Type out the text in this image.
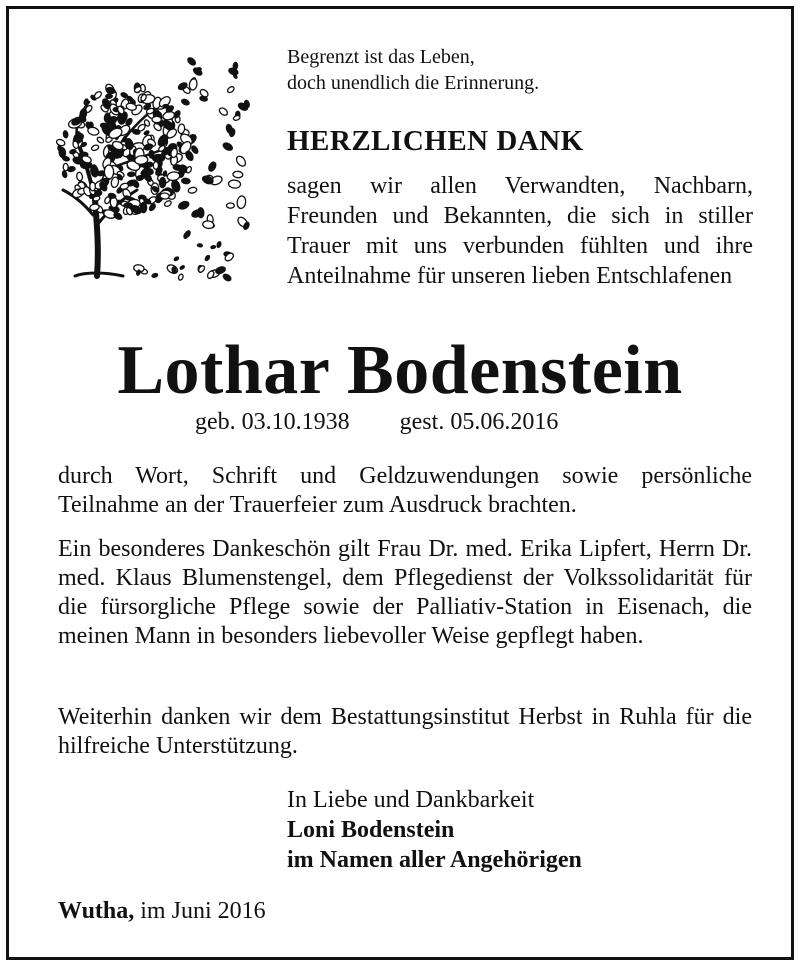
Begrenzt ist das Leben,
doch unendlich die Erinnerung.
HERZLICHEN DANK
sagen wir allen Verwandten, Nachbarn, Freunden und Bekannten, die sich in stiller Trauer mit uns verbunden fühlten und ihre Anteilnahme für unseren lieben Entschlafenen
Lothar Bodenstein
geb. 03.10.1938 gest. 05.06.2016
durch Wort, Schrift und Geldzuwendungen sowie persönliche Teilnahme an der Trauerfeier zum Ausdruck brachten.
Ein besonderes Dankeschön gilt Frau Dr. med. Erika Lipfert, Herrn Dr. med. Klaus Blumenstengel, dem Pflegedienst der Volkssolidarität für die fürsorgliche Pflege sowie der Palliativ-Station in Eisenach, die meinen Mann in besonders liebevoller Weise gepflegt haben.
Weiterhin danken wir dem Bestattungsinstitut Herbst in Ruhla für die hilfreiche Unterstützung.
In Liebe und Dankbarkeit
Loni Bodenstein
im Namen aller Angehörigen
Wutha, im Juni 2016
